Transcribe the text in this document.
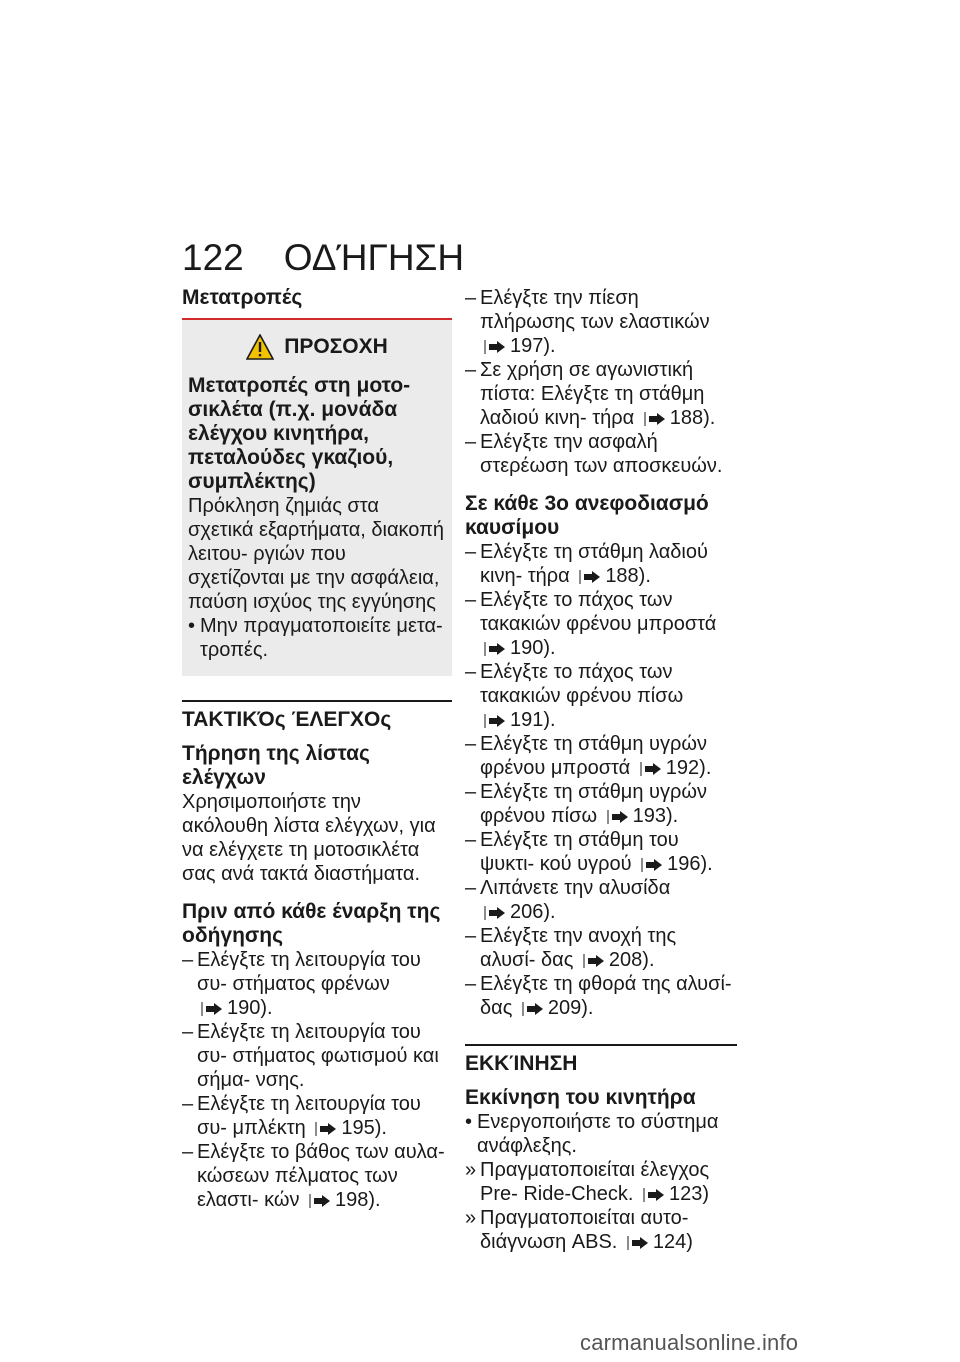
122 ΟΔΉΓΗΣΗ

Μετατροπές

ΠΡΟΣΟΧΗ

Μετατροπές στη μοτο- σικλέτα (π.χ. μονάδα ελέγχου κινητήρα, πεταλούδες γκαζιού, συμπλέκτης)

Πρόκληση ζημιάς στα σχετικά εξαρτήματα, διακοπή λειτου- ργιών που σχετίζονται με την ασφάλεια, παύση ισχύος της εγγύησης

• Μην πραγματοποιείτε μετα- τροπές.

ΤΑΚΤΙΚΌς ΈΛΕΓΧΟς

Τήρηση της λίστας ελέγχων

Χρησιμοποιήστε την ακόλουθη λίστα ελέγχων, για να ελέγχετε τη μοτοσικλέτα σας ανά τακτά διαστήματα.

Πριν από κάθε έναρξη της οδήγησης

– Ελέγξτε τη λειτουργία του συ- στήματος φρένων 190).
– Ελέγξτε τη λειτουργία του συ- στήματος φωτισμού και σήμα- νσης.
– Ελέγξτε τη λειτουργία του συ- μπλέκτη 195).
– Ελέγξτε το βάθος των αυλα- κώσεων πέλματος των ελαστι- κών 198).
– Ελέγξτε την πίεση πλήρωσης των ελαστικών 197).
– Σε χρήση σε αγωνιστική πίστα: Ελέγξτε τη στάθμη λαδιού κινη- τήρα 188).
– Ελέγξτε την ασφαλή στερέωση των αποσκευών.

Σε κάθε 3ο ανεφοδιασμό καυσίμου

– Ελέγξτε τη στάθμη λαδιού κινη- τήρα 188).
– Ελέγξτε το πάχος των τακακιών φρένου μπροστά 190).
– Ελέγξτε το πάχος των τακακιών φρένου πίσω 191).
– Ελέγξτε τη στάθμη υγρών φρένου μπροστά 192).
– Ελέγξτε τη στάθμη υγρών φρένου πίσω 193).
– Ελέγξτε τη στάθμη του ψυκτι- κού υγρού 196).
– Λιπάνετε την αλυσίδα 206).
– Ελέγξτε την ανοχή της αλυσί- δας 208).
– Ελέγξτε τη φθορά της αλυσί- δας 209).

ΕΚΚΊΝΗΣΗ

Εκκίνηση του κινητήρα

• Ενεργοποιήστε το σύστημα ανάφλεξης.

» Πραγματοποιείται έλεγχος Pre- Ride-Check. 123)
» Πραγματοποιείται αυτο- διάγνωση ABS. 124)
carmanualsonline.info
